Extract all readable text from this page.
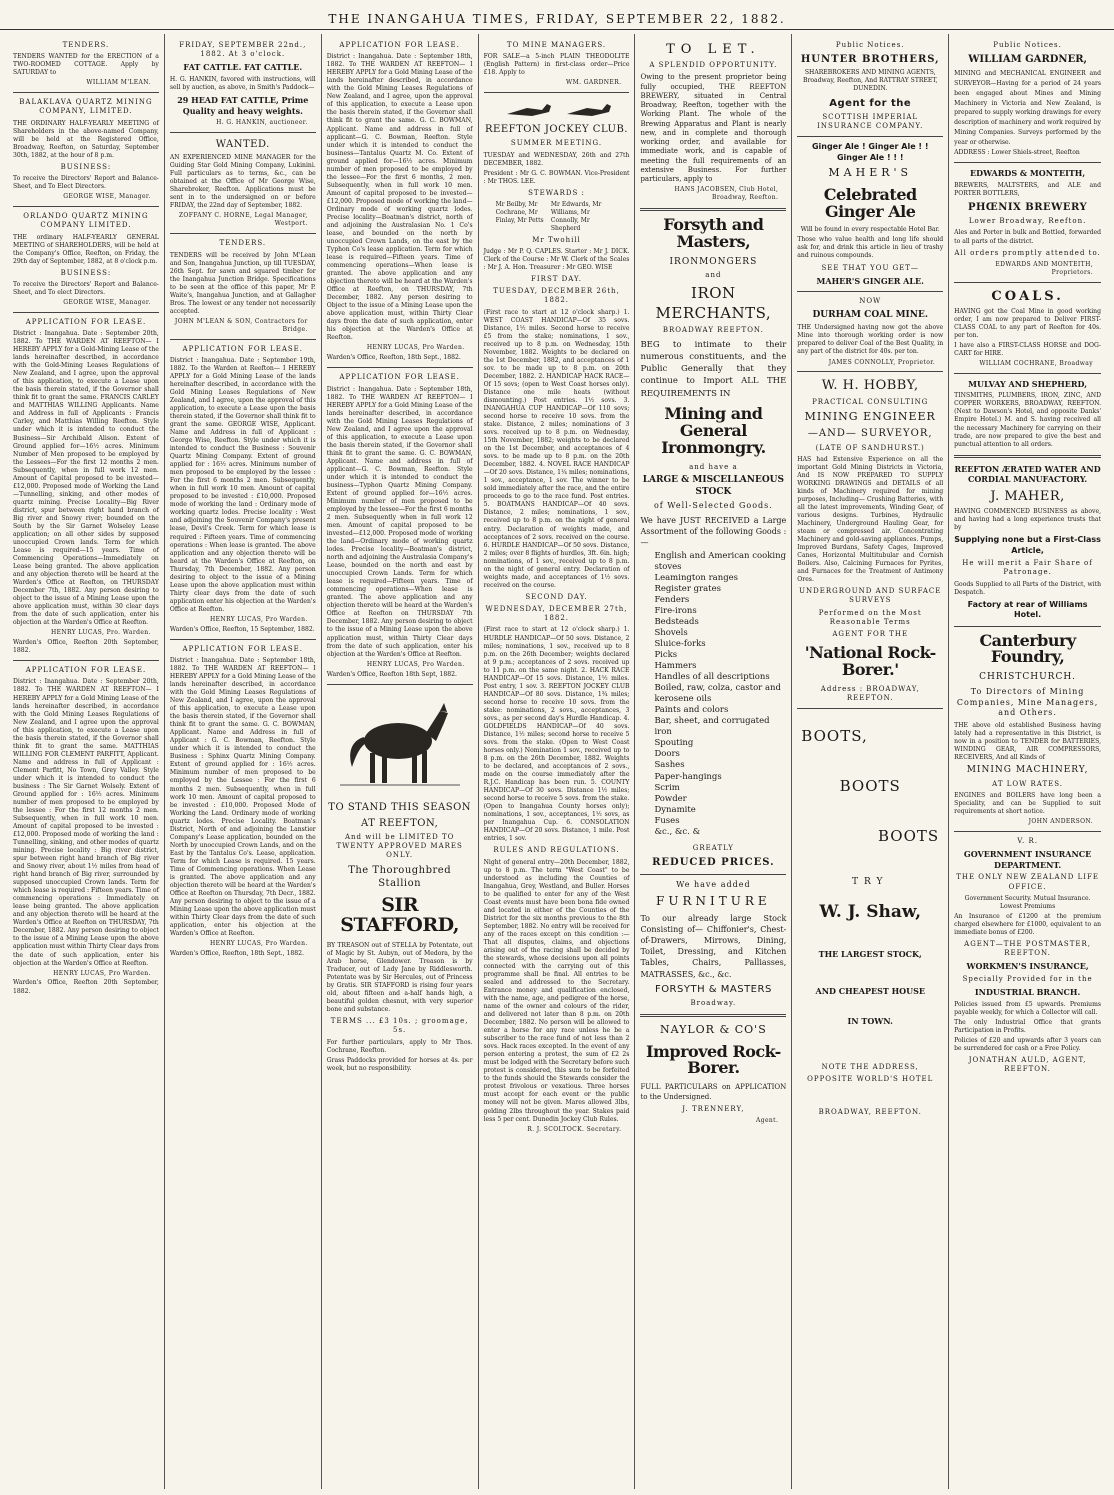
THE INANGAHUA TIMES, FRIDAY, SEPTEMBER 22, 1882.
TENDERS.

TENDERS WANTED for the ERECTION of a TWO-ROOMED COTTAGE. Apply by SATURDAY to

WILLIAM M'LEAN.
BALAKLAVA QUARTZ MINING COMPANY, LIMITED.

THE ORDINARY HALF-YEARLY MEETING of Shareholders in the above-named Company, will be held at the Registered Office, Broadway, Reefton, on Saturday, September 30th, 1882, at the hour of 8 p.m.

BUSINESS:

To receive the Directors' Report and Balance-Sheet, and To Elect Directors.

GEORGE WISE, Manager.
ORLANDO QUARTZ MINING COMPANY LIMITED.

THE ordinary HALF-YEARLY GENERAL MEETING of SHAREHOLDERS, will be held at the Company's Office, Reefton, on Friday, the 29th day of September, 1882, at 8 o'clock p.m.

BUSINESS:

To receive the Directors' Report and Balance-Sheet, and To elect Directors.

GEORGE WISE, Manager.
APPLICATION FOR LEASE.

District : Inangahua. Date : September 20th, 1882. To THE WARDEN AT REEFTON— I HEREBY APPLY for a Gold-Mining Lease of the lands hereinafter described, in accordance with the Gold-Mining Leases Regulations of New Zealand, and I agree, upon the approval of this application, to execute a Lease upon the basis therein stated, if the Governor shall think fit to grant the same. FRANCIS CARLEY and MATTHIAS WILLING Applicants. Name and Address in full of Applicants : Francis Carley, and Matthias Willing Reefton. Style under which it is intended to conduct the Business—Sir Archibald Alison. Extent of Ground applied for—16½ acres. Minimum Number of Men proposed to be employed by the Lessees—For the first 12 months 2 men. Subsequently, when in full work 12 men. Amount of Capital proposed to be invested—£12,000. Proposed mode of Working the Land—Tunnelling, sinking, and other modes of quartz mining. Precise Locality—Big River district, spur between right hand branch of Big river and Snowy river; bounded on the South by the Sir Garnet Wolseley Lease application; on all other sides by supposed unoccupied Crown lands. Term for which Lease is required—15 years. Time of Commencing Operations—Immediately on Lease being granted. The above application and any objection thereto will be heard at the Warden's Office at Reefton, on THURSDAY December 7th, 1882. Any person desiring to object to the issue of a Mining Lease upon the above application must, within 30 clear days from the date of such application, enter his objection at the Warden's Office at Reefton.

HENRY LUCAS, Pro. Warden.

Warden's Office, Reefton 20th September, 1882.

APPLICATION FOR LEASE.

District : Inangahua. Date : September 20th, 1882. To THE WARDEN AT REEFTON— I HEREBY APPLY for a Gold Mining Lease of the lands hereinafter described, in accordance with the Gold Mining Leases Regulations of New Zealand, and I agree upon the approval of this application, to execute a Lease upon the basis therein stated, if the Governor shall think fit to grant the same. MATTHIAS WILLING FOR CLEMENT PARFITT, Applicant. Name and address in full of Applicant : Clement Parfitt, No Town, Grey Valley. Style under which it is intended to conduct the business : The Sir Garnet Wolsely. Extent of Ground applied for : 16½ acres. Minimum number of men proposed to be employed by the lessee : For the first 12 months 2 men. Subsequently, when in full work 10 men. Amount of capital proposed to be invested : £12,000. Proposed mode of working the land : Tunnelling, sinking, and other modes of quartz mining. Precise locality : Big river district, spur between right hand branch of Big river and Snowy river, about 1½ miles from head of right hand branch of Big river, surrounded by supposed unoccupied Crown lands. Term for which lease is required : Fifteen years. Time of commencing operations : Immediately on lease being granted. The above application and any objection thereto will be heard at the Warden's Office at Reefton on THURSDAY, 7th December, 1882. Any person desiring to object to the issue of a Mining Lease upon the above application must within Thirty Clear days from the date of such application, enter his objection at the Warden's Office at Reefton.

HENRY LUCAS, Pro Warden.

Warden's Office, Reefton 20th September, 1882.

FRIDAY, SEPTEMBER 22nd., 1882. At 3 o'clock.
FAT CATTLE. FAT CATTLE.

H. G. HANKIN, favored with instructions, will sell by auction, as above, in Smith's Paddock—

29 HEAD FAT CATTLE, Prime Quality and heavy weights.
H. G. HANKIN, auctioneer.
WANTED.

AN EXPERIENCED MINE MANAGER for the Guiding Star Gold Mining Company, Lukinini. Full particulars as to terms, &c., can be obtained at the Office of Mr George Wise, Sharebroker, Reefton. Applications must be sent in to the undersigned on or before FRIDAY, the 22nd day of September, 1882.

ZOFFANY C. HORNE, Legal Manager, Westport.
TENDERS.

TENDERS will be received by John M'Lean and Son, Inangahua Junction, up till TUESDAY, 26th Sept. for sawn and squared timber for the Inangahua Junction Bridge. Specifications to be seen at the office of this paper, Mr P. Waite's, Inangahua Junction, and at Gallagher Bros. The lowest or any tender not necessarily accepted.

JOHN M'LEAN & SON, Contractors for Bridge.
APPLICATION FOR LEASE.

District : Inangahua. Date : September 19th, 1882. To the Warden at Reefton— I HEREBY APPLY for a Gold Mining Lease of the lands hereinafter described, in accordance with the Gold Mining Leases Regulations of New Zealand, and I agree, upon the approval of this application, to execute a Lease upon the basis therein stated, if the Governor shall think fit to grant the same. GEORGE WISE, Applicant. Name and Address in full of Applicant : George Wise, Reefton. Style under which it is intended to conduct the Business : Souvenir Quartz Mining Company. Extent of ground applied for : 16½ acres. Minimum number of men proposed to be employed by the lessee : For the first 6 months 2 men. Subsequently, when in full work 10 men. Amount of capital proposed to be invested : £10,000. Proposed mode of working the land : Ordinary mode of working quartz lodes. Precise locality : West and adjoining the Souvenir Company's present lease, Devil's Creek. Term for which lease is required : Fifteen years. Time of commencing operations : When lease is granted. The above application and any objection thereto will be heard at the Warden's Office at Reefton, on Thursday, 7th December, 1882. Any person desiring to object to the issue of a Mining Lease upon the above application must within Thirty clear days from the date of such application enter his objection at the Warden's Office at Reefton.

HENRY LUCAS, Pro Warden.

Warden's Office, Reefton, 15 September, 1882.

APPLICATION FOR LEASE.

District : Inangahua. Date : September 18th, 1882. To THE WARDEN AT REEFTON— I HEREBY APPLY for a Gold Mining Lease of the lands hereinafter described, in accordance with the Gold Mining Leases Regulations of New Zealand, and I agree, upon the approval of this application, to execute a Lease upon the basis therein stated, if the Governor shall think fit to grant the same. G. C. BOWMAN, Applicant. Name and Address in full of Applicant : G. C. Bowman, Reefton. Style under which it is intended to conduct the Business : Sphinx Quartz Mining Company. Extent of ground applied for : 16½ acres. Minimum number of men proposed to be employed by the Lessee : For the first 6 months 2 men. Subsequently, when in full work 10 men. Amount of capital proposed to be invested : £10,000. Proposed Mode of Working the Land. Ordinary mode of working quartz lodes. Precise Locality. Boatman's District, North of and adjoining the Lanstier Company's Lease application, bounded on the North by unoccupied Crown Lands, and on the East by the Tantalus Co's. Lease, application. Term for which Lease is required. 15 years. Time of Commencing operations. When Lease is granted. The above application and any objection thereto will be heard at the Warden's Office at Reefton on Thursday, 7th Decr., 1882. Any person desiring to object to the issue of a Mining Lease upon the above application must within Thirty Clear days from the date of such application, enter his objection at the Warden's Office at Reefton.

HENRY LUCAS, Pro Warden.

Warden's Office, Reefton, 18th Sept., 1882.

APPLICATION FOR LEASE.

District : Inangahua. Date : September 18th, 1882. To THE WARDEN AT REEFTON— I HEREBY APPLY for a Gold Mining Lease of the lands hereinafter described, in accordance with the Gold Mining Leases Regulations of New Zealand, and I agree, upon the approval of this application, to execute a Lease upon the basis therein stated, if the Governor shall think fit to grant the same. G. C. BOWMAN, Applicant. Name and address in full of applicant—G. C. Bowman, Reefton. Style under which it is intended to conduct the business—Tantalus Quartz M. Co. Extent of ground applied for—16½ acres. Minimum number of men proposed to be employed by the lessee—For the first 6 months, 2 men. Subsequently, when in full work 10 men. Amount of capital proposed to be invested—£12,000. Proposed mode of working the land—Ordinary mode of working quartz lodes. Precise locality—Boatman's district, north of and adjoining the Australasian No. 1 Co's lease, and bounded on the north by unoccupied Crown Lands, on the east by the Typhon Co's lease application. Term for which lease is required—Fifteen years. Time of commencing operations—When lease is granted. The above application and any objection thereto will be heard at the Warden's Office at Reefton, on THURSDAY, 7th December, 1882. Any person desiring to Object to the issue of a Mining Lease upon the above application must, within Thirty Clear days from the date of such application, enter his objection at the Warden's Office at Reefton.

HENRY LUCAS, Pro Warden.

Warden's Office, Reefton, 18th Sept., 1882.

APPLICATION FOR LEASE.

District : Inangahua. Date : September 18th, 1882. To THE WARDEN AT REEFTON— I HEREBY APPLY for a Gold Mining Lease of the lands hereinafter described, in accordance with the Gold Mining Leases Regulations of New Zealand, and I agree upon the approval of this application, to execute a Lease upon the basis therein stated, if the Governor shall think fit to grant the same. G. C. BOWMAN, Applicant. Name and address in full of applicant—G. C. Bowman, Reefton. Style under which it is intended to conduct the business—Typhon Quartz Mining Company. Extent of ground applied for—16½ acres. Minimum number of men proposed to be employed by the lessee—For the first 6 months 2 men. Subsequently when in full work 12 men. Amount of capital proposed to be invested—£12,000. Proposed mode of working the land—Ordinary mode of working quartz lodes. Precise locality—Boatman's district, north and adjoining the Australasia Company's Lease, bounded on the north and east by unoccupied Crown Lands. Term for which lease is required—Fifteen years. Time of commencing operations—When lease is granted. The above application and any objection thereto will be heard at the Warden's Office at Reefton on THURSDAY 7th December, 1882. Any person desiring to object to the issue of a Mining Lease upon the above application must, within Thirty Clear days from the date of such application, enter his objection at the Warden's Office at Reefton.

HENRY LUCAS, Pro Warden.

Warden's Office, Reefton 18th Sept, 1882.

TO STAND THIS SEASON
AT REEFTON,
And will be LIMITED TO TWENTY APPROVED MARES ONLY.
The Thoroughbred Stallion
SIR STAFFORD,

BY TREASON out of STELLA by Potentate, out of Magic by St. Aubyn, out of Medora, by the Arab horse, Glendower. Treason is by Traducer, out of Lady Jane by Riddlesworth. Potentate was by Sir Hercules, out of Princess by Gratis. SIR STAFFORD is rising four years old, about fifteen and a-half hands high, a beautiful golden chesnut, with very superior bone and substance.

TERMS ... £3 10s. ; groomage, 5s.

For further particulars, apply to Mr Thos. Cochrane, Reefton.

Grass Paddocks provided for horses at 4s. per week, but no responsibility.

TO MINE MANAGERS.

FOR SALE—a 5-inch PLAIN THEODOLITE (English Pattern) in first-class order—Price £18. Apply to

WM. GARDNER.
REEFTON JOCKEY CLUB.
SUMMER MEETING.

TUESDAY and WEDNESDAY, 26th and 27th DECEMBER, 1882.

President : Mr G. C. BOWMAN. Vice-President : Mr THOS. LEE.

STEWARDS :
Mr Beilby, Mr Cochrane, Mr Finlay, Mr Petts
Mr Edwards, Mr Williams, Mr Connolly, Mr Shepherd
Mr Twohill

Judge : Mr P. Q. CAPLES. Starter : Mr J. DICK. Clerk of the Course : Mr W. Clerk of the Scales : Mr J. A. Hon. Treasurer : Mr GEO. WISE

FIRST DAY.
TUESDAY, DECEMBER 26th, 1882.

(First race to start at 12 o'clock sharp.) 1. WEST COAST HANDICAP—Of 35 sovs. Distance, 1½ miles. Second horse to receive £5 from the stake; nominations, 1 sov., received up to 8 p.m. on Wednesday, 15th November, 1882. Weights to be declared on the 1st December, 1882, and acceptances of 1 sov. to be made up to 8 p.m. on 20th December, 1882. 2. HANDICAP HACK RACE—Of 15 sovs; (open to West Coast horses only). Distance one mile heats (without dismounting.) Post entries. 1½ sovs. 3. INANGAHUA CUP HANDICAP—Of 110 sovs; second horse to receive 10 sovs. from the stake. Distance, 2 miles; nominations of 3 sovs. received up to 8 p.m. on Wednesday, 15th November, 1882; weights to be declared on the 1st December, and acceptances of 4 sovs. to be made up to 8 p.m. on the 20th December, 1882. 4. NOVEL RACE HANDICAP—Of 20 sovs. Distance, 1¼ miles; nominations, 1 sov., acceptance, 1 sov. The winner to be sold immediately after the race, and the entire proceeds to go to the race fund. Post entries. 5. BOATMANS HANDICAP—Of 40 sovs. Distance, 2 miles; nominations, 1 sov., received up to 8 p.m. on the night of general entry. Declaration of weights made, and acceptances of 2 sovs. received on the course. 6. HURDLE HANDICAP—Of 50 sovs. Distance, 2 miles; over 8 flights of hurdles, 3ft. 6in. high; nominations, of 1 sov., received up to 8 p.m. on the night of general entry. Declaration of weights made, and acceptances of 1½ sovs. received on the course.

SECOND DAY.
WEDNESDAY, DECEMBER 27th, 1882.

(First race to start at 12 o'clock sharp.) 1. HURDLE HANDICAP—Of 50 sovs. Distance, 2 miles; nominations, 1 sov., received up to 8 p.m. on the 26th December; weights declared at 9 p.m.; acceptances of 2 sovs. received up to 11 p.m. on the same night. 2. HACK RACE HANDICAP—Of 15 sovs. Distance, 1½ miles. Post entry, 1 sov. 3. REEFTON JOCKEY CLUB HANDICAP—Of 80 sovs. Distance, 1¾ miles; second horse to receive 10 sovs. from the stake: nominations, 2 sovs., acceptances, 3 sovs., as per second day's Hurdle Handicap. 4. GOLDFIELDS HANDICAP—Of 40 sovs. Distance, 1½ miles; second horse to receive 5 sovs. from the stake. (Open to West Coast horses only.) Nomination 1 sov., received up to 8 p.m. on the 26th December, 1882. Weights to be declared, and acceptances of 2 sovs., made on the course immediately after the R.J.C. Handicap has been run. 5. COUNTY HANDICAP—Of 30 sovs. Distance 1½ miles; second horse to receive 5 sovs. from the stake. (Open to Inangahua County horses only); nominations, 1 sov., acceptances, 1½ sovs, as per Inangahua Cup. 6. CONSOLATION HANDICAP—Of 20 sovs. Distance, 1 mile. Post entries, 1 sov.

RULES AND REGULATIONS.

Night of general entry—20th December, 1882, up to 8 p.m. The term "West Coast" to be understood as including the Counties of Inangahua, Grey, Westland, and Buller. Horses to be qualified to enter for any of the West Coast events must have been bona fide owned and located in either of the Counties of the District for the six months previous to the 8th September, 1882. No entry will be received for any of the races except on this condition :—That all disputes, claims, and objections arising out of the racing shall be decided by the stewards, whose decisions upon all points connected with the carrying out of this programme shall be final. All entries to be sealed and addressed to the Secretary. Entrance money and qualification enclosed, with the name, age, and pedigree of the horse, name of the owner and colours of the rider, and delivered not later than 8 p.m. on 20th December, 1882. No person will be allowed to enter a horse for any race unless he be a subscriber to the race fund of not less than 2 sovs. Hack races excepted. In the event of any person entering a protest, the sum of £2 2s must be lodged with the Secretary before such protest is considered, this sum to be forfeited to the funds should the Stewards consider the protest frivolous or vexatious. Three horses must accept for each event or the public money will not be given. Mares allowed 3lbs, gelding 2lbs throughout the year. Stakes paid less 5 per cent. Dunedin Jockey Club Rules.

R. J. SCOLTOCK. Secretary.
TO LET.
A SPLENDID OPPORTUNITY.

Owing to the present proprietor being fully occupied, THE REEFTON BREWERY, situated in Central Broadway, Reefton, together with the Working Plant. The whole of the Brewing Apparatus and Plant is nearly new, and in complete and thorough working order, and available for immediate work, and is capable of meeting the full requirements of an extensive Business. For further particulars, apply to

HANS JACOBSEN, Club Hotel, Broadway, Reefton.
Forsyth and Masters,
IRONMONGERS
and
IRON MERCHANTS,
BROADWAY REEFTON.

BEG to intimate to their numerous constituents, and the Public Generally that they continue to Import ALL THE REQUIREMENTS IN

Mining and General Ironmongry.
and have a
LARGE & MISCELLANEOUS STOCK
of Well-Selected Goods.

We have JUST RECEIVED a Large Assortment of the following Goods :—

English and American cooking stoves

Leamington ranges

Register grates

Fenders

Fire-irons

Bedsteads

Shovels

Sluice-forks

Picks

Hammers

Handles of all descriptions

Boiled, raw, colza, castor and kerosene oils

Paints and colors

Bar, sheet, and corrugated iron

Spouting

Doors

Sashes

Paper-hangings

Scrim

Powder

Dynamite

Fuses

&c., &c. &

GREATLY
REDUCED PRICES.
We have added
FURNITURE

To our already large Stock Consisting of— Chiffonier's, Chest-of-Drawers, Mirrows, Dining, Toilet, Dressing, and Kitchen Tables, Chairs, Palliasses, MATRASSES, &c., &c.

FORSYTH & MASTERS
Broadway.
NAYLOR & CO'S
Improved Rock-Borer.

FULL PARTICULARS on APPLICATION to the Undersigned.

J. TRENNERY,
Agent.
Public Notices.
HUNTER BROTHERS,

SHAREBROKERS AND MINING AGENTS, Broadway, Reefton, And RATTRAY STREET, DUNEDIN.

Agent for the
SCOTTISH IMPERIAL INSURANCE COMPANY.
Ginger Ale ! Ginger Ale ! ! Ginger Ale ! ! !
MAHER'S
Celebrated Ginger Ale

Will be found in every respectable Hotel Bar.

Those who value health and long life should ask for, and drink this article in lieu of trashy and ruinous compounds.

SEE THAT YOU GET—
MAHER'S GINGER ALE.
NOW
DURHAM COAL MINE.

THE Undersigned having now got the above Mine into thorough working order is now prepared to deliver Coal of the Best Quality, in any part of the district for 40s. per ton.

JAMES CONNOLLY, Proprietor.
W. H. HOBBY,
PRACTICAL CONSULTING
MINING ENGINEER
—AND— SURVEYOR,
(LATE OF SANDHURST.)

HAS had Extensive Experience on all the important Gold Mining Districts in Victoria, And IS NOW PREPARED TO SUPPLY WORKING DRAWINGS and DETAILS of all kinds of Machinery required for mining purposes, Including— Crushing Batteries, with all the latest improvements, Winding Gear, of various designs. Turbines, Hydraulic Machinery, Underground Hauling Gear, for steam or compressed air. Concentrating Machinery and gold-saving appliances. Pumps, Improved Burdans, Safety Cages, Improved Canes, Horizontal Multitubular and Cornish Boilers. Also, Calcining Furnaces for Pyrites, and Furnaces for the Treatment of Antimony Ores.

UNDERGROUND AND SURFACE SURVEYS
Performed on the Most Reasonable Terms
AGENT FOR THE
'National Rock-Borer.'
Address : BROADWAY, REEFTON.
BOOTS,
BOOTS
BOOTS
TRY
W. J. Shaw,
THE LARGEST STOCK,
AND CHEAPEST HOUSE
IN TOWN.
NOTE THE ADDRESS,
OPPOSITE WORLD'S HOTEL
BROADWAY, REEFTON.
Public Notices.
WILLIAM GARDNER,

MINING and MECHANICAL ENGINEER and SURVEYOR—Having for a period of 24 years been engaged about Mines and Mining Machinery in Victoria and New Zealand, is prepared to supply working drawings for every description of machinery and work required by Mining Companies. Surveys performed by the year or otherwise.

ADDRESS : Lower Shiels-street, Reefton

EDWARDS & MONTEITH,

BREWERS, MALTSTERS, and ALE and PORTER BOTTLERS,

PHŒNIX BREWERY
Lower Broadway, Reefton.

Ales and Porter in bulk and Bottled, forwarded to all parts of the district.

All orders promptly attended to.
EDWARDS AND MONTEITH, Proprietors.
COALS.

HAVING got the Coal Mine in good working order, I am now prepared to Deliver FIRST-CLASS COAL to any part of Reefton for 40s. per ton.

I have also a FIRST-CLASS HORSE and DOG-CART for HIRE.

WILLIAM COCHRANE, Broadway
MULVAY AND SHEPHERD,

TINSMITHS, PLUMBERS, IRON, ZINC, AND COPPER WORKERS, BROADWAY, REEFTON. (Next to Dawson's Hotel, and opposite Danks' Empire Hotel.) M. and S. having received all the necessary Machinery for carrying on their trade, are now prepared to give the best and punctual attention to all orders.

REEFTON ÆRATED WATER AND CORDIAL MANUFACTORY.
J. MAHER,

HAVING COMMENCED BUSINESS as above, and having had a long experience trusts that by

Supplying none but a First-Class Article,
He will merit a Fair Share of Patronage.

Goods Supplied to all Parts of the District, with Despatch.

Factory at rear of Williams Hotel.
Canterbury Foundry,
CHRISTCHURCH.
To Directors of Mining Companies, Mine Managers, and Others.

THE above old established Business having lately had a representative in this District, is now in a position to TENDER for BATTERIES, WINDING GEAR, AIR COMPRESSORS, RECEIVERS, And all Kinds of

MINING MACHINERY,
AT LOW RATES.

ENGINES and BOILERS have long been a Speciality, and can be Supplied to suit requirements at short notice.

JOHN ANDERSON.
V. R.
GOVERNMENT INSURANCE DEPARTMENT.
THE ONLY NEW ZEALAND LIFE OFFICE.

Government Security. Mutual Insurance. Lowest Premiums

An Insurance of £1200 at the premium charged elsewhere for £1000, equivalent to an immediate bonus of £200.

AGENT—THE POSTMASTER, REEFTON.
WORKMEN'S INSURANCE,
Specially Provided for in the
INDUSTRIAL BRANCH.

Policies issued from £5 upwards. Premiums payable weekly, for which a Collector will call.

The only Industrial Office that grants Participation in Profits.

Policies of £20 and upwards after 3 years can be surrendered for cash or a Free Policy.

JONATHAN AULD, AGENT, REEFTON.
